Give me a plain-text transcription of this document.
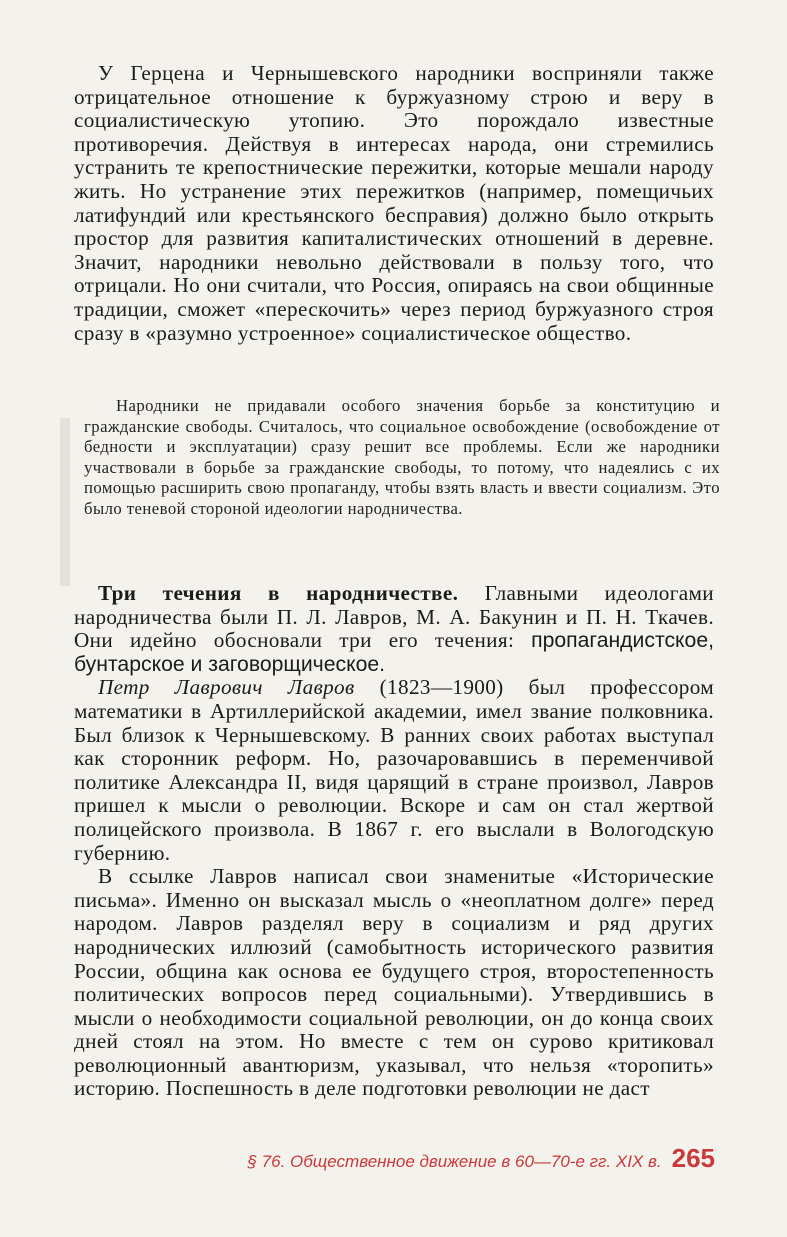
У Герцена и Чернышевского народники восприняли также отрицательное отношение к буржуазному строю и веру в социалистическую утопию. Это порождало известные противоречия. Действуя в интересах народа, они стремились устранить те крепостнические пережитки, которые мешали народу жить. Но устранение этих пережитков (например, помещичьих латифундий или крестьянского бесправия) должно было открыть простор для развития капиталистических отношений в деревне. Значит, народники невольно действовали в пользу того, что отрицали. Но они считали, что Россия, опираясь на свои общинные традиции, сможет «перескочить» через период буржуазного строя сразу в «разумно устроенное» социалистическое общество.

Народники не придавали особого значения борьбе за конституцию и гражданские свободы. Считалось, что социальное освобождение (освобождение от бедности и эксплуатации) сразу решит все проблемы. Если же народники участвовали в борьбе за гражданские свободы, то потому, что надеялись с их помощью расширить свою пропаганду, чтобы взять власть и ввести социализм. Это было теневой стороной идеологии народничества.

Три течения в народничестве. Главными идеологами народничества были П. Л. Лавров, М. А. Бакунин и П. Н. Ткачев. Они идейно обосновали три его течения: пропагандистское, бунтарское и заговорщическое.

Петр Лаврович Лавров (1823—1900) был профессором математики в Артиллерийской академии, имел звание полковника. Был близок к Чернышевскому. В ранних своих работах выступал как сторонник реформ. Но, разочаровавшись в переменчивой политике Александра II, видя царящий в стране произвол, Лавров пришел к мысли о революции. Вскоре и сам он стал жертвой полицейского произвола. В 1867 г. его выслали в Вологодскую губернию.

В ссылке Лавров написал свои знаменитые «Исторические письма». Именно он высказал мысль о «неоплатном долге» перед народом. Лавров разделял веру в социализм и ряд других народнических иллюзий (самобытность исторического развития России, община как основа ее будущего строя, второстепенность политических вопросов перед социальными). Утвердившись в мысли о необходимости социальной революции, он до конца своих дней стоял на этом. Но вместе с тем он сурово критиковал революционный авантюризм, указывал, что нельзя «торопить» историю. Поспешность в деле подготовки революции не даст

§ 76. Общественное движение в 60—70-е гг. XIX в. 265
